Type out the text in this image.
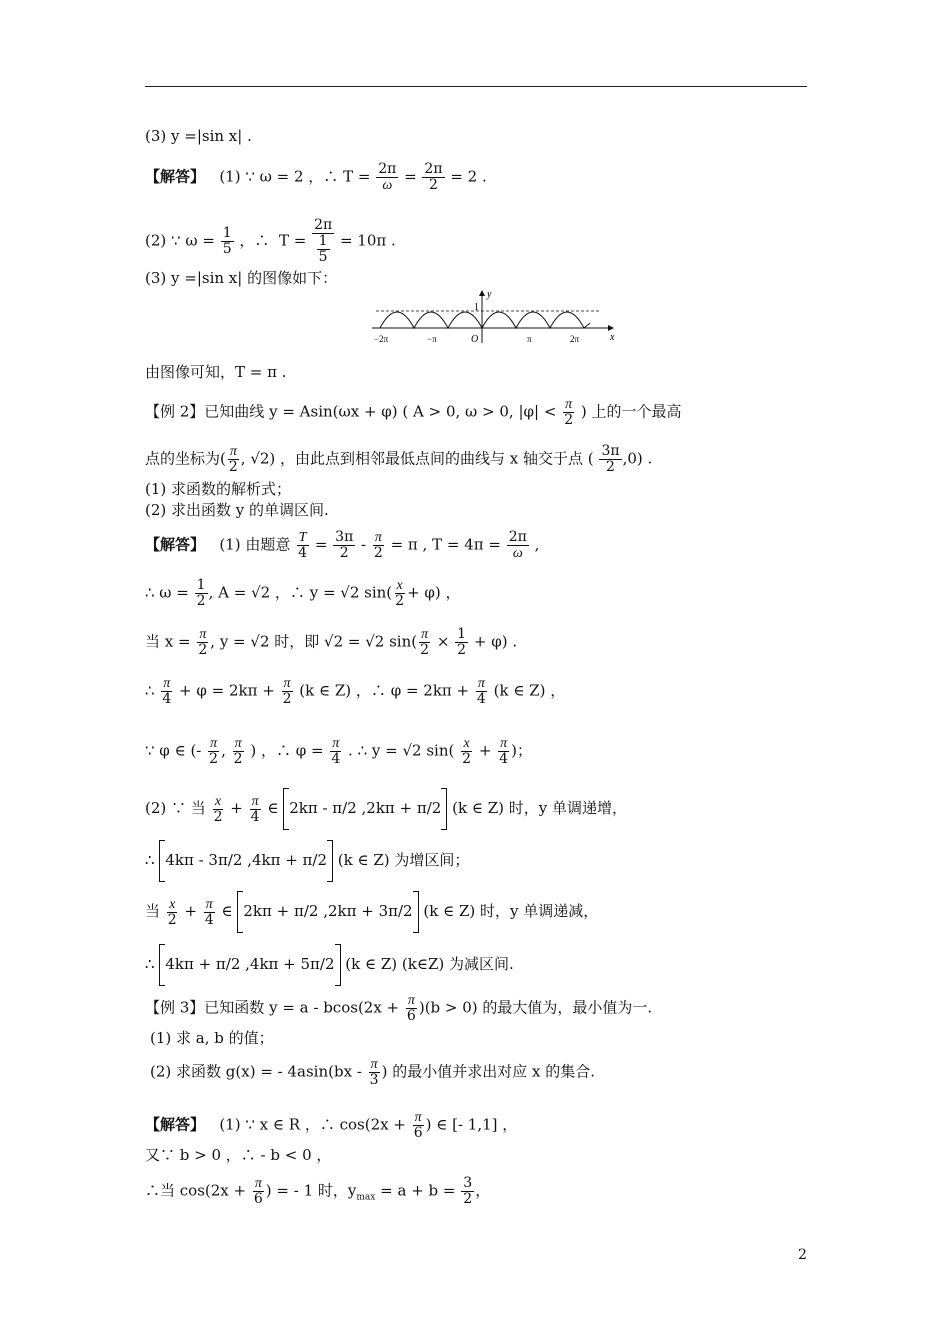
(3) y =|sin x| .
【解答】 (1) ∵ ω = 2 ，∴ $T = \frac{2\pi}{\omega} = \frac{2\pi}{2} = 2$ .
(2) ∵ $\omega = \frac{1}{5}$ ，∴ $T = \frac{2\pi}{\frac{1}{5}} = 10\pi$ .
(3) y =|sin x| 的图像如下：
y
1
x
O
−2π	−π	π	2π
由图像可知，T = π .
【例 2】已知曲线 y = Asin(ωx + φ) ( A > 0, ω > 0, $|\varphi| < \frac{\pi}{2}$ ) 上的一个最高
点的坐标为( $\frac{\pi}{2}$ , √2) ，由此点到相邻最低点间的曲线与 x 轴交于点 ( $\frac{3\pi}{2} ,0$) .
(1) 求函数的解析式；
(2) 求出函数 y 的单调区间.
【解答】 (1) 由题意 $\frac{T}{4} = \frac{3\pi}{2} - \frac{\pi}{2} = \pi$ , $T = 4\pi = \frac{2\pi}{\omega}$ ,
∴ $\omega = \frac{1}{2}$ , A = √2 ，∴ y = √2 $\sin( \frac{x}{2} + \varphi)$ ，
当 $x = \frac{\pi}{2}$ , y = √2 时，即 √2 = √2 $\sin( \frac{\pi}{2} \times \frac{1}{2} + \varphi)$ .
∴ $\frac{\pi}{4} + \varphi = 2k\pi + \frac{\pi}{2} (k$ ∈ Z) ，∴ $\varphi = 2k\pi + \frac{\pi}{4} (k$ ∈ Z) ，
∵ φ ∈ (- $\frac{\pi}{2}$ , $\frac{\pi}{2}$ ) ，∴ $\varphi = \frac{\pi}{4}$ . ∴ y = √2 $\sin( \frac{x}{2} + \frac{\pi}{4}$ )；
(2) ∵ 当 $\frac{x}{2} + \frac{\pi}{4}$ ∈ 2kπ - π/2 ,2kπ + π/2 (k ∈ Z) 时，y 单调递增，
∴ 4kπ - 3π/2 ,4kπ + π/2 (k ∈ Z) 为增区间；
当 $\frac{x}{2} + \frac{\pi}{4}$ ∈ 2kπ + π/2 ,2kπ + 3π/2 (k ∈ Z) 时，y 单调递减，
∴ 4kπ + π/2 ,4kπ + 5π/2 (k ∈ Z) (k∈Z) 为减区间.
【例 3】已知函数 $y = a - bcos(2x + \frac{\pi}{6} )(b > 0)$ 的最大值为，最小值为一.
(1) 求 a, b 的值；
(2) 求函数 g(x) = - $4asin(bx - \frac{\pi}{3}$ ) 的最小值并求出对应 x 的集合.
【解答】 (1) ∵ x ∈ R ，∴ $\cos(2x + \frac{\pi}{6}$ ) ∈ [- 1,1] ，
又∵ b > 0 ，∴ - b < 0 ，
∴当 $\cos(2x + \frac{\pi}{6}$ ) = - 1 时，$y_{max} = a + b = \frac{3}{2}$ ，
2
